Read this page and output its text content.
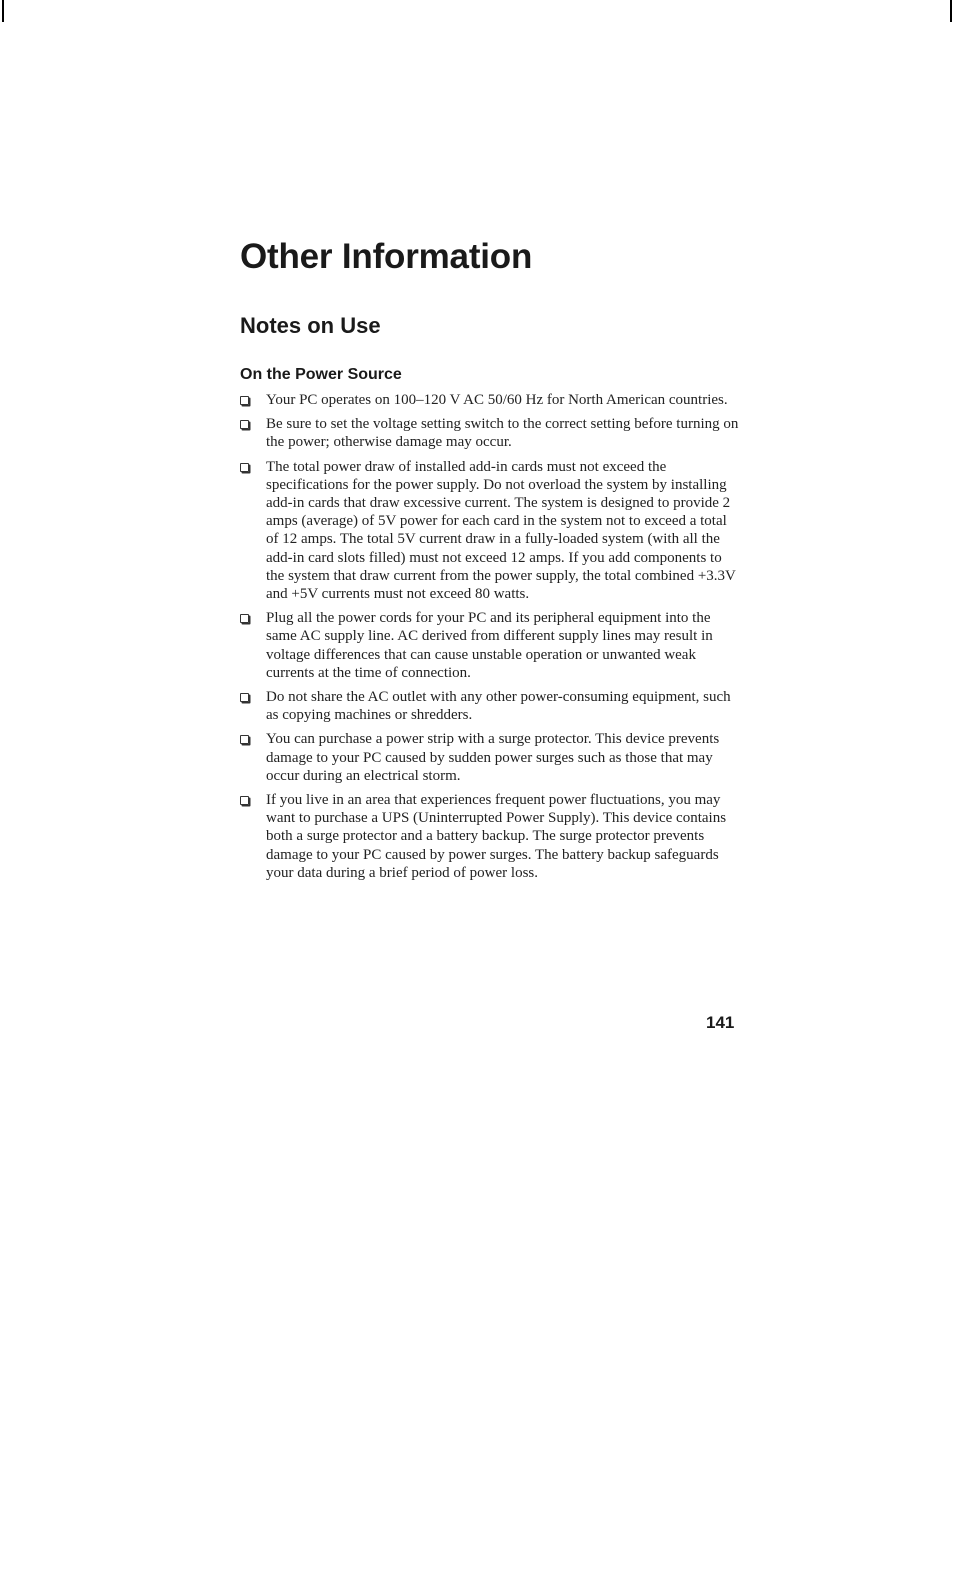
Other Information
Notes on Use
On the Power Source
Your PC operates on 100–120 V AC 50/60 Hz for North American countries.
Be sure to set the voltage setting switch to the correct setting before turning on the power; otherwise damage may occur.
The total power draw of installed add-in cards must not exceed the specifications for the power supply. Do not overload the system by installing add-in cards that draw excessive current. The system is designed to provide 2 amps (average) of 5V power for each card in the system not to exceed a total of 12 amps. The total 5V current draw in a fully-loaded system (with all the add-in card slots filled) must not exceed 12 amps. If you add components to the system that draw current from the power supply, the total combined +3.3V and +5V currents must not exceed 80 watts.
Plug all the power cords for your PC and its peripheral equipment into the same AC supply line. AC derived from different supply lines may result in voltage differences that can cause unstable operation or unwanted weak currents at the time of connection.
Do not share the AC outlet with any other power-consuming equipment, such as copying machines or shredders.
You can purchase a power strip with a surge protector. This device prevents damage to your PC caused by sudden power surges such as those that may occur during an electrical storm.
If you live in an area that experiences frequent power fluctuations, you may want to purchase a UPS (Uninterrupted Power Supply). This device contains both a surge protector and a battery backup. The surge protector prevents damage to your PC caused by power surges. The battery backup safeguards your data during a brief period of power loss.
141
